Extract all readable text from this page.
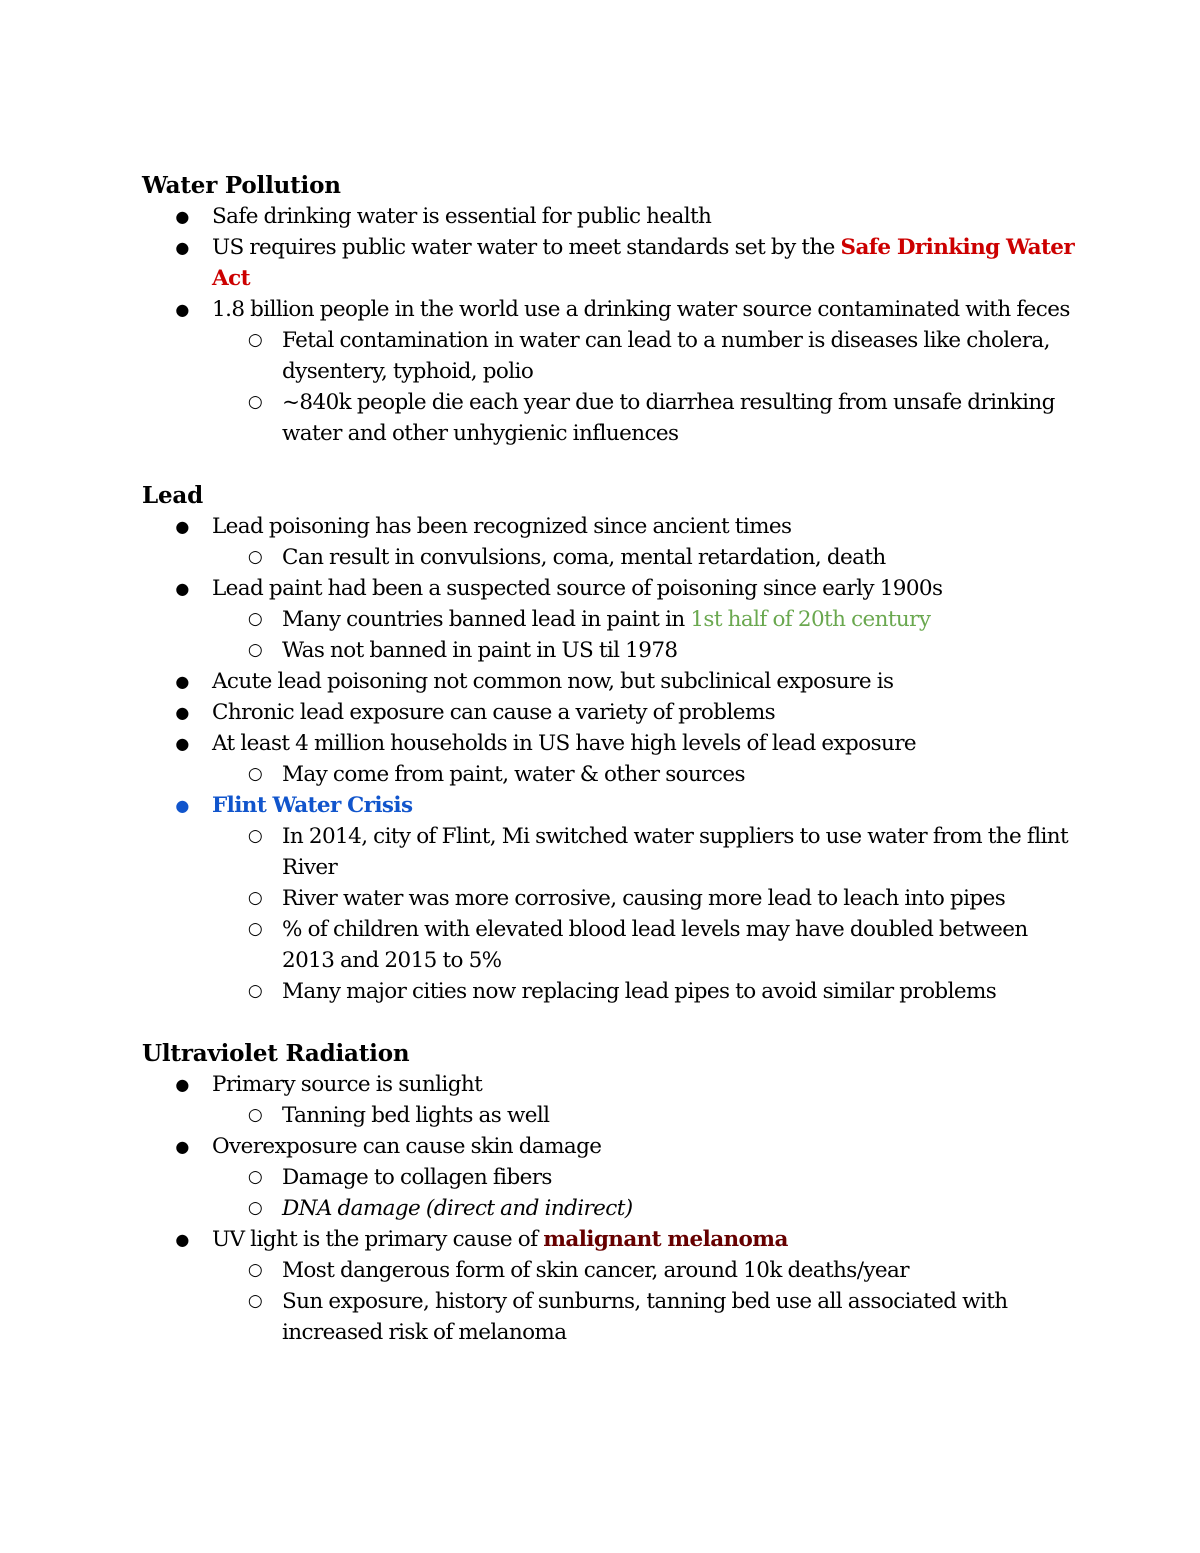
Water Pollution
● Safe drinking water is essential for public health
● US requires public water water to meet standards set by the Safe Drinking Water Act
● 1.8 billion people in the world use a drinking water source contaminated with feces
○ Fetal contamination in water can lead to a number is diseases like cholera, dysentery, typhoid, polio
○ ~840k people die each year due to diarrhea resulting from unsafe drinking water and other unhygienic influences
Lead
● Lead poisoning has been recognized since ancient times
○ Can result in convulsions, coma, mental retardation, death
● Lead paint had been a suspected source of poisoning since early 1900s
○ Many countries banned lead in paint in 1st half of 20th century
○ Was not banned in paint in US til 1978
● Acute lead poisoning not common now, but subclinical exposure is
● Chronic lead exposure can cause a variety of problems
● At least 4 million households in US have high levels of lead exposure
○ May come from paint, water & other sources
● Flint Water Crisis
○ In 2014, city of Flint, Mi switched water suppliers to use water from the flint River
○ River water was more corrosive, causing more lead to leach into pipes
○ % of children with elevated blood lead levels may have doubled between 2013 and 2015 to 5%
○ Many major cities now replacing lead pipes to avoid similar problems
Ultraviolet Radiation
● Primary source is sunlight
○ Tanning bed lights as well
● Overexposure can cause skin damage
○ Damage to collagen fibers
○ DNA damage (direct and indirect)
● UV light is the primary cause of malignant melanoma
○ Most dangerous form of skin cancer, around 10k deaths/year
○ Sun exposure, history of sunburns, tanning bed use all associated with increased risk of melanoma
